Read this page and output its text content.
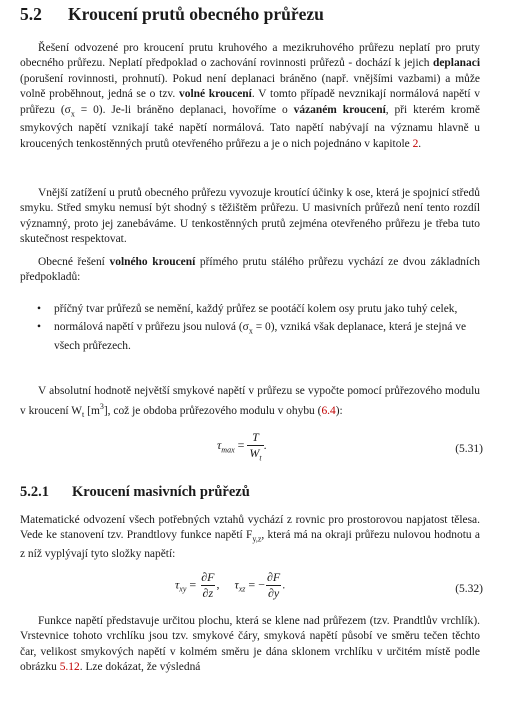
5.2 Kroucení prutů obecného průřezu
Řešení odvozené pro kroucení prutu kruhového a mezikruhového průřezu neplatí pro pruty obecného průřezu. Neplatí předpoklad o zachování rovinnosti průřezů - dochází k jejich deplanaci (porušení rovinnosti, prohnutí). Pokud není deplanaci bráněno (např. vnějšími vazbami) a může volně proběhnout, jedná se o tzv. volné kroucení. V tomto případě nevznikají normálová napětí v průřezu $(\sigma_x = 0)$. Je-li bráněno deplanaci, hovoříme o vázaném kroucení, při kterém kromě smykových napětí vznikají také napětí normálová. Tato napětí nabývají na významu hlavně u kroucených tenkostěnných prutů otevřeného průřezu a je o nich pojednáno v kapitole 2.
Vnější zatížení u prutů obecného průřezu vyvozuje kroutící účinky k ose, která je spojnicí středů smyku. Střed smyku nemusí být shodný s těžištěm průřezu. U masivních průřezů není tento rozdíl významný, proto jej zanebáváme. U tenkostěnných prutů zejména otevřeného průřezu je třeba tuto skutečnost respektovat.
Obecné řešení volného kroucení přímého prutu stálého průřezu vychází ze dvou základních předpokladů:
• příčný tvar průřezů se nemění, každý průřez se pootáčí kolem osy prutu jako tuhý celek,
• normálová napětí v průřezu jsou nulová $(\sigma_x = 0)$, vzniká však deplanace, která je stejná ve všech průřezech.
V absolutní hodnotě největší smykové napětí v průřezu se vypočte pomocí průřezového modulu v kroucení $W_t$ $[m^3]$, což je obdoba průřezového modulu v ohybu (6.4):
$\tau_{max} = \frac{T}{W_t}$ .	(5.31)
5.2.1 Kroucení masivních průřezů
Matematické odvození všech potřebných vztahů vychází z rovnic pro prostorovou napjatost tělesa. Vede ke stanovení tzv. Prandtlovy funkce napětí $F_{y,z}$, která má na okraji průřezu nulovou hodnotu a z níž vyplývají tyto složky napětí:
$\tau_{xy} = \frac{\partial F}{\partial z}$ , $\tau_{xz}$ = − $\frac{\partial F}{\partial y}$ .	(5.32)
Funkce napětí představuje určitou plochu, která se klene nad průřezem (tzv. Prandtlův vrchlík). Vrstevnice tohoto vrchlíku jsou tzv. smykové čáry, smyková napětí působí ve směru tečen těchto čar, velikost smykových napětí v kolmém směru je dána sklonem vrchlíku v určitém místě podle obrázku 5.12. Lze dokázat, že výsledná
